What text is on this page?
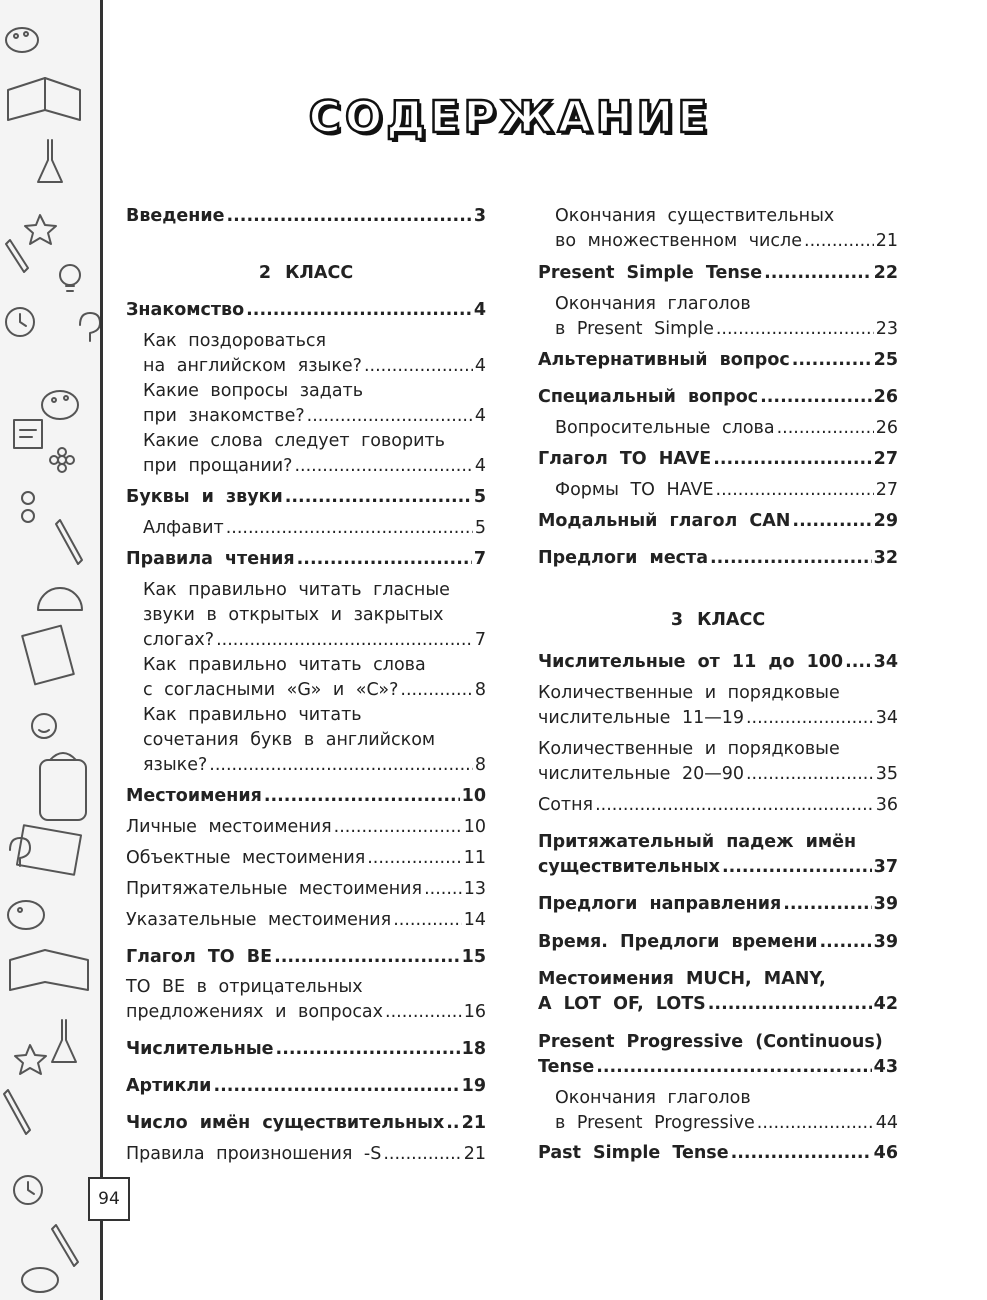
94
СОДЕРЖАНИЕ
Введение .....	3
2 КЛАСС
Знакомство .....	4
Как поздороваться
на английском языке? .....	4
Какие вопросы задать
при знакомстве? .....	4
Какие слова следует говорить
при прощании? .....	4
Буквы и звуки .....	5
Алфавит .....	5
Правила чтения .....	7
Как правильно читать гласные
звуки в открытых и закрытых
слогах? .....	7
Как правильно читать слова
с согласными «G» и «C»? .....	8
Как правильно читать
сочетания букв в английском
языке? .....	8
Местоимения .....	10
Личные местоимения .....	10
Объектные местоимения .....	11
Притяжательные местоимения ..... 13
Указательные местоимения .....	14
Глагол TO BE .....	15
TO BE в отрицательных
предложениях и вопросах .....	16
Числительные .....	18
Артикли .....	19
Число имён существительных ..... 21
Правила произношения -S .....	21
Окончания существительных
во множественном числе .....	21
Present Simple Tense .....	22
Окончания глаголов
в Present Simple .....	23
Альтернативный вопрос .....	25
Специальный вопрос .....	26
Вопросительные слова .....	26
Глагол TO HAVE .....	27
Формы TO HAVE .....	27
Модальный глагол CAN .....	29
Предлоги места .....	32
3 КЛАСС
Числительные от 11 до 100 ..... 34
Количественные и порядковые
числительные 11—19 .....	34
Количественные и порядковые
числительные 20—90 .....	35
Сотня .....	36
Притяжательный падеж имён
существительных .....	37
Предлоги направления .....	39
Время. Предлоги времени .....	39
Местоимения MUCH, MANY,
A LOT OF, LOTS .....	42
Present Progressive (Continuous)
Tense .....	43
Окончания глаголов
в Present Progressive .....	44
Past Simple Tense .....	46
